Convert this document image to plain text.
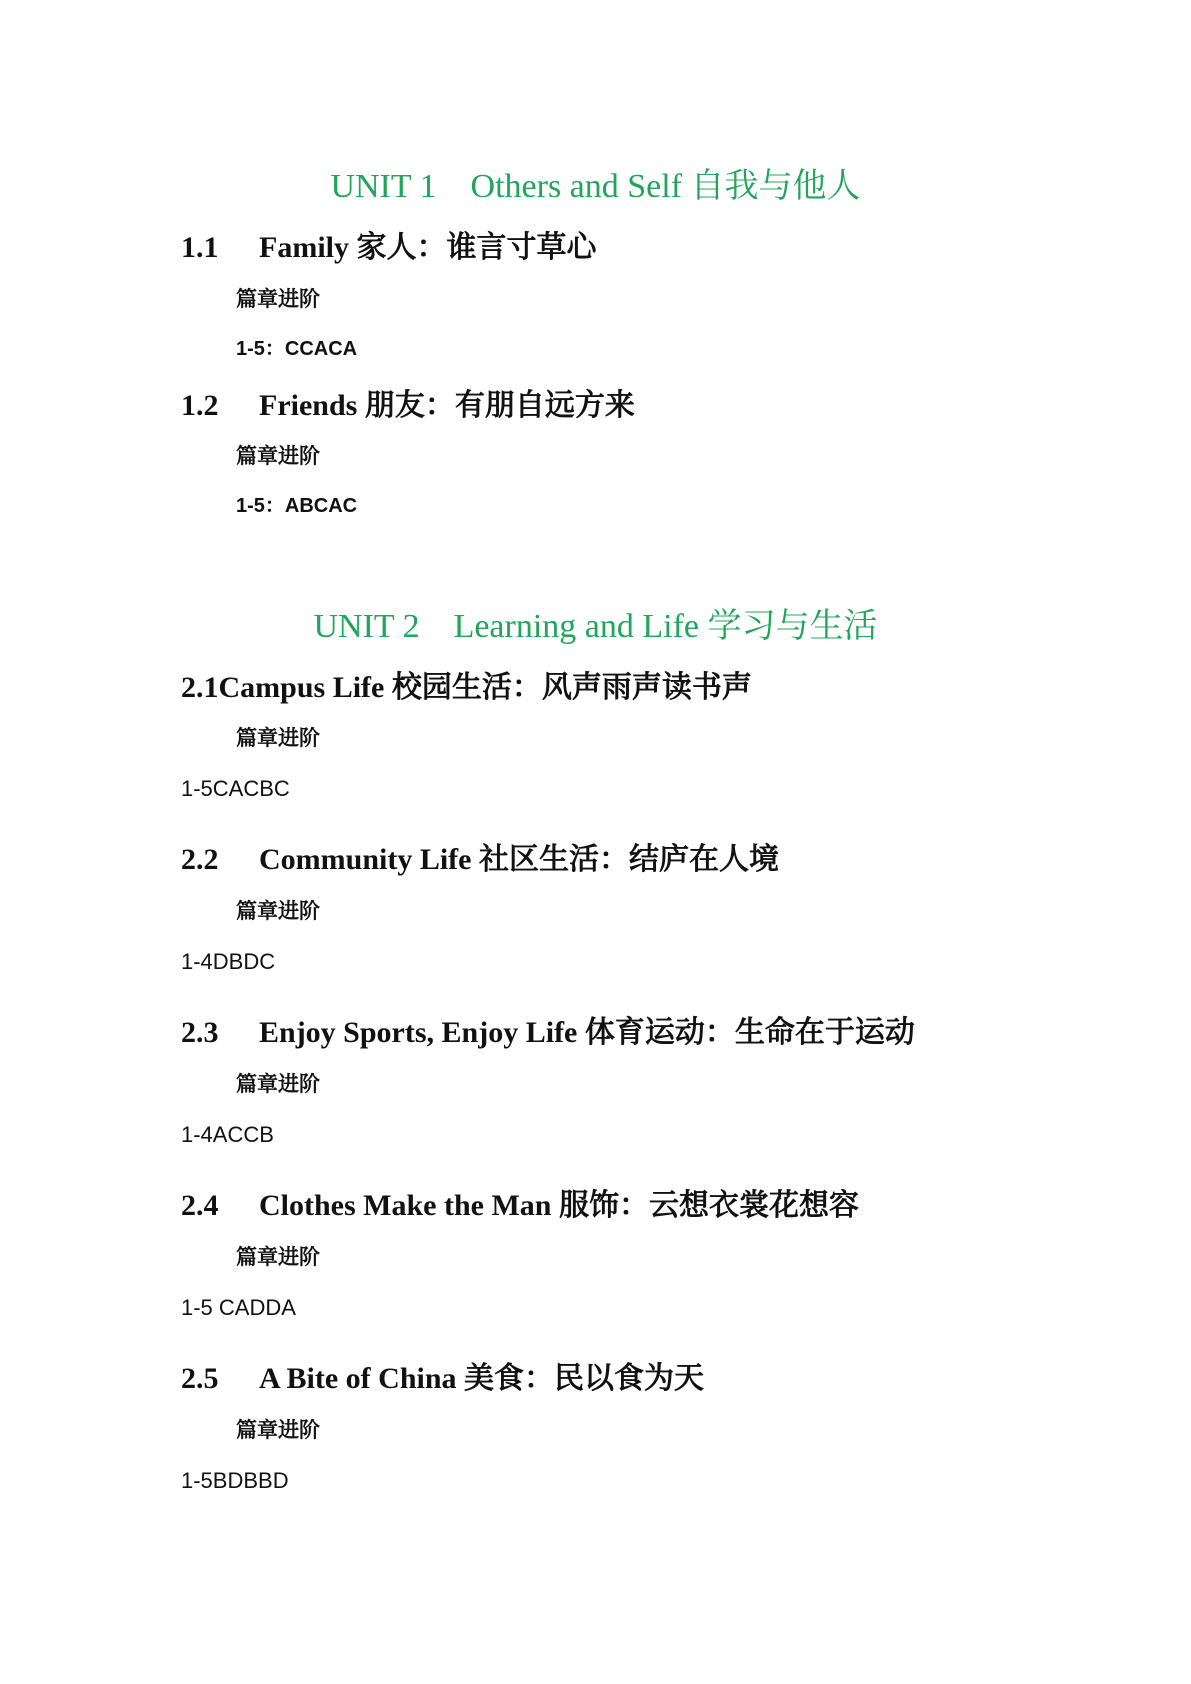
UNIT 1    Others and Self 自我与他人
1.1 Family 家人：谁言寸草心
篇章进阶
1-5：CCACA
1.2 Friends 朋友：有朋自远方来
篇章进阶
1-5：ABCAC
UNIT 2    Learning and Life 学习与生活
2.1Campus Life 校园生活：风声雨声读书声
篇章进阶
1-5CACBC
2.2 Community Life 社区生活：结庐在人境
篇章进阶
1-4DBDC
2.3 Enjoy Sports, Enjoy Life 体育运动：生命在于运动
篇章进阶
1-4ACCB
2.4 Clothes Make the Man 服饰：云想衣裳花想容
篇章进阶
1-5 CADDA
2.5 A Bite of China 美食：民以食为天
篇章进阶
1-5BDBBD
